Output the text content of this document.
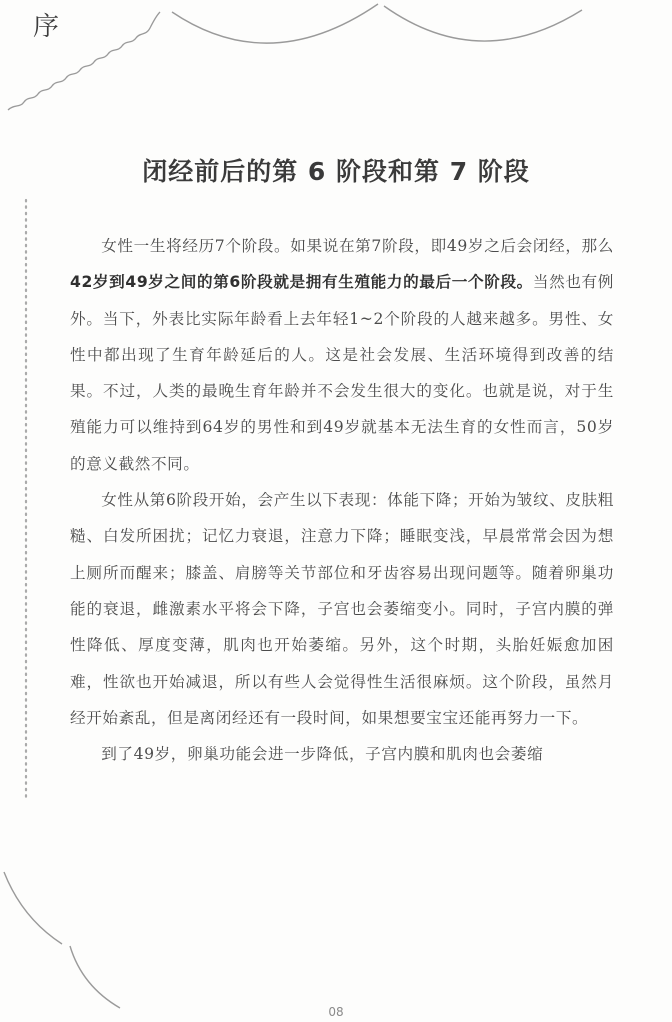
序
闭经前后的第 6 阶段和第 7 阶段

女性一生将经历7个阶段。如果说在第7阶段，即49岁之后会闭经，那么42岁到49岁之间的第6阶段就是拥有生殖能力的最后一个阶段。当然也有例外。当下，外表比实际年龄看上去年轻1~2个阶段的人越来越多。男性、女性中都出现了生育年龄延后的人。这是社会发展、生活环境得到改善的结果。不过，人类的最晚生育年龄并不会发生很大的变化。也就是说，对于生殖能力可以维持到64岁的男性和到49岁就基本无法生育的女性而言，50岁的意义截然不同。

女性从第6阶段开始，会产生以下表现：体能下降；开始为皱纹、皮肤粗糙、白发所困扰；记忆力衰退，注意力下降；睡眠变浅，早晨常常会因为想上厕所而醒来；膝盖、肩膀等关节部位和牙齿容易出现问题等。随着卵巢功能的衰退，雌激素水平将会下降，子宫也会萎缩变小。同时，子宫内膜的弹性降低、厚度变薄，肌肉也开始萎缩。另外，这个时期，头胎妊娠愈加困难，性欲也开始减退，所以有些人会觉得性生活很麻烦。这个阶段，虽然月经开始紊乱，但是离闭经还有一段时间，如果想要宝宝还能再努力一下。

到了49岁，卵巢功能会进一步降低，子宫内膜和肌肉也会萎缩

08
